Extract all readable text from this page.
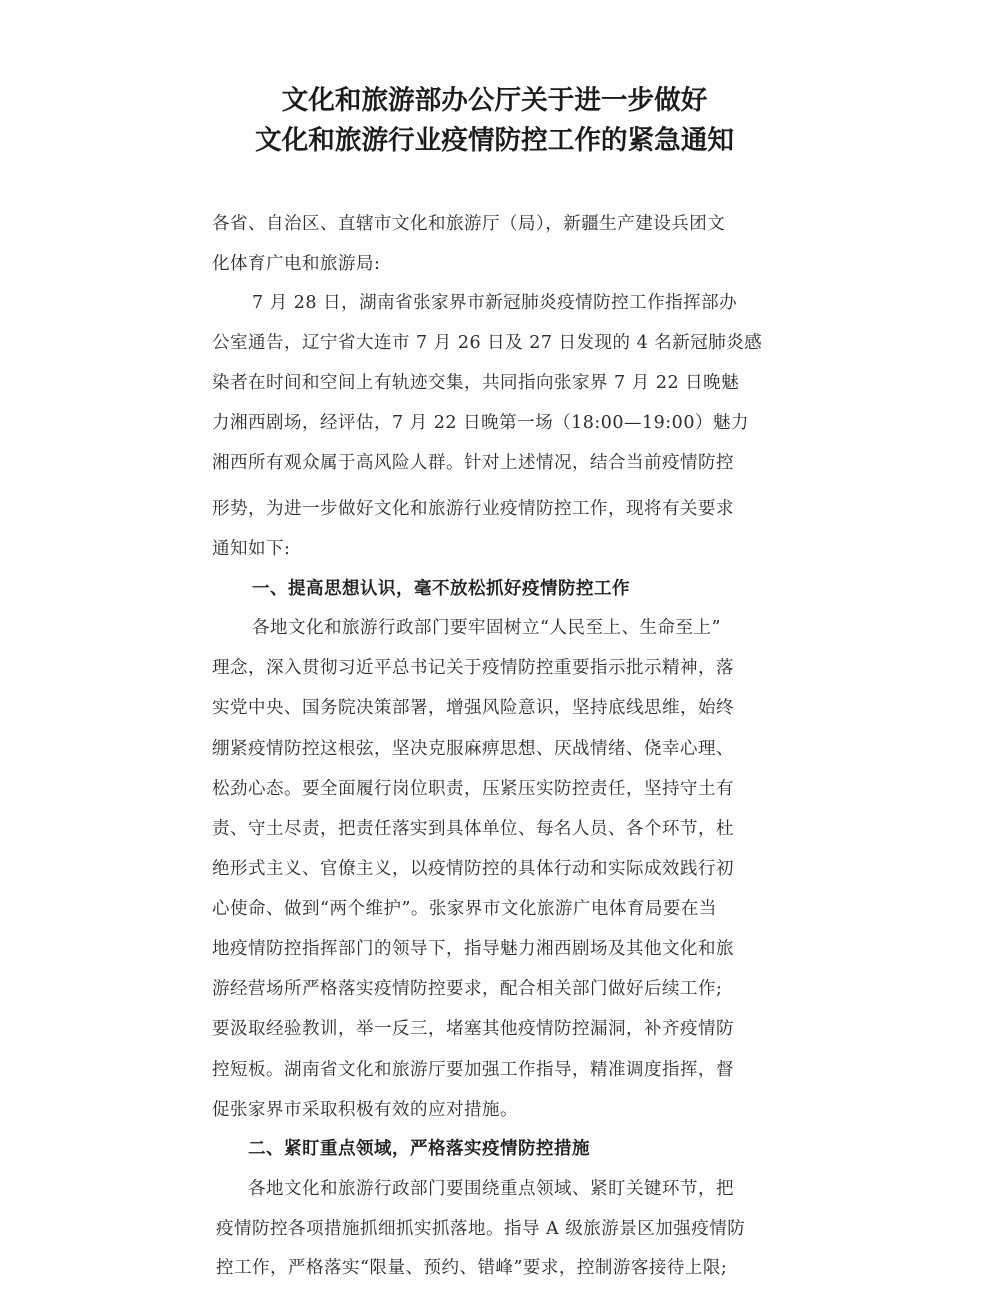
文化和旅游部办公厅关于进一步做好
文化和旅游行业疫情防控工作的紧急通知
各省、自治区、直辖市文化和旅游厅（局），新疆生产建设兵团文
化体育广电和旅游局:
7 月 28 日，湖南省张家界市新冠肺炎疫情防控工作指挥部办
公室通告，辽宁省大连市 7 月 26 日及 27 日发现的 4 名新冠肺炎感
染者在时间和空间上有轨迹交集，共同指向张家界 7 月 22 日晚魅
力湘西剧场，经评估，7 月 22 日晚第一场（18:00—19:00）魅力
湘西所有观众属于高风险人群。针对上述情况，结合当前疫情防控
形势，为进一步做好文化和旅游行业疫情防控工作，现将有关要求
通知如下:
一、提高思想认识，毫不放松抓好疫情防控工作
各地文化和旅游行政部门要牢固树立“人民至上、生命至上”
理念，深入贯彻习近平总书记关于疫情防控重要指示批示精神，落
实党中央、国务院决策部署，增强风险意识，坚持底线思维，始终
绷紧疫情防控这根弦，坚决克服麻痹思想、厌战情绪、侥幸心理、
松劲心态。要全面履行岗位职责，压紧压实防控责任，坚持守土有
责、守土尽责，把责任落实到具体单位、每名人员、各个环节，杜
绝形式主义、官僚主义，以疫情防控的具体行动和实际成效践行初
心使命、做到“两个维护”。张家界市文化旅游广电体育局要在当
地疫情防控指挥部门的领导下，指导魅力湘西剧场及其他文化和旅
游经营场所严格落实疫情防控要求，配合相关部门做好后续工作;
要汲取经验教训，举一反三，堵塞其他疫情防控漏洞，补齐疫情防
控短板。湖南省文化和旅游厅要加强工作指导，精准调度指挥，督
促张家界市采取积极有效的应对措施。
二、紧盯重点领域，严格落实疫情防控措施
各地文化和旅游行政部门要围绕重点领域、紧盯关键环节，把
疫情防控各项措施抓细抓实抓落地。指导 A 级旅游景区加强疫情防
控工作，严格落实“限量、预约、错峰”要求，控制游客接待上限;
